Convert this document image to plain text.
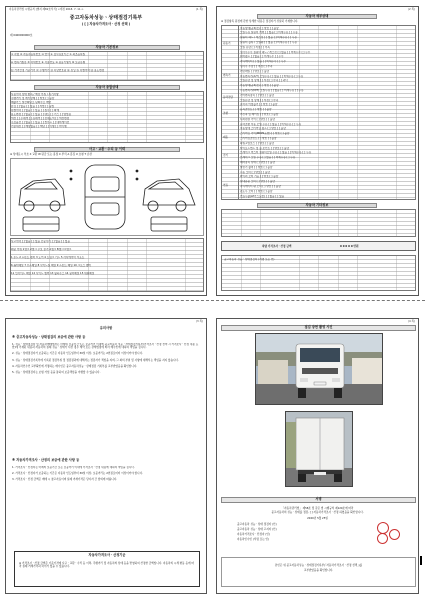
자동차관리법 시행규칙 [별지 제82호서식] <개정 2018. 7. 11.>	(1 쪽)
중고자동차성능ㆍ상태점검기록부
( [ ] 자동차가격조사ㆍ산정 선택 )
제 0400000000호
자동차 기본정보
① 차명 ② 자동차등록번호 ③ 연식 ④ 검사유효기간 ⑤ 최초등록일
⑥ 변속기종류 ⑦ 차대번호 ⑧ 사용연료 ⑨ 원동기형식 ⑩ 보증유형
⑪ 가격산정 기준가격 ⑫ 주행거리 ⑬ 차량번호판 ⑭ 튜닝 ⑮ 특별이력 ⑯ 용도변경
자동차 종합상태
사용이력 상태 항목 / 해당 부위 / 특기사항
주행거리 및 계기상태 [ ] 양호 [ ] 불량
배출가스 일산화탄소 탄화수소 매연
튜닝 [ ] 없음 [ ] 있음 [ ] 적법 [ ] 불법
특별이력 [ ] 없음 [ ] 있음 [ ] 침수 [ ] 화재
용도변경 [ ] 없음 [ ] 있음 [ ] 렌트 [ ] 리스 [ ] 영업용
색상 [ ] 무채색 [ ] 유채색 [ ] 전체도색 [ ] 색상변경
주요옵션 [ ] 없음 [ ] 있음 [ ] 썬루프 [ ] 네비게이션
리콜대상 [ ] 해당없음 [ ] 해당 [ ] 이행 [ ] 미이행
사고ㆍ교환ㆍ수리 등 이력
※ 상태표시 부호 X 교환 W 판금 또는 용접 C 부식 A 흠집 U 요철 T 손상
사고이력 [ ] 없음 [ ] 있음 단순수리 [ ] 없음 [ ] 있음
외판 부위 1랭크 2랭크 주요 골격 A랭크 B랭크 C랭크
1 후드 2 프론트 펜더 3 도어 4 트렁크 리드 5 라디에이터 서포트
6 쿼터패널 7 루프패널 8 사이드실 패널 9 프론트 패널 10 크로스 멤버
11 인사이드 패널 12 사이드 멤버 13 휠하우스 14 필러패널 15 대쉬패널
(2 쪽)
자동차 세부상태
※ 점검항목 판정에 관한 상세한 내용은 점검자가 성실히 기재합니다.
원동기
변속기
동력전달
조향
제동
전기
연료
작동상태(공회전) [ ] 양호 [ ] 불량
오일누유 실린더 커버 [ ] 없음 [ ] 미세누유 [ ] 누유
실린더 헤드 / 개스킷 [ ] 없음 [ ] 미세누유 [ ] 누유
실린더 블록 / 오일팬 [ ] 없음 [ ] 미세누유 [ ] 누유
오일 유량 [ ] 적정 [ ] 부족
냉각수누수 실린더 헤드 / 개스킷 [ ] 없음 [ ] 미세누수 [ ] 누수
워터펌프 [ ] 없음 [ ] 미세누수 [ ] 누수
라디에이터 [ ] 없음 [ ] 미세누수 [ ] 누수
냉각수 수량 [ ] 적정 [ ] 부족
커먼레일 [ ] 양호 [ ] 불량
자동변속기(A/T) 오일누유 [ ] 없음 [ ] 미세누유 [ ] 누유
오일유량 및 상태 [ ] 적정 [ ] 부족 [ ] 과다
작동상태(공회전) [ ] 양호 [ ] 불량
수동변속기(M/T) 오일누유 [ ] 없음 [ ] 미세누유 [ ] 누유
기어변속장치 [ ] 양호 [ ] 불량
오일유량 및 상태 [ ] 적정 [ ] 부족
클러치 어셈블리 [ ] 양호 [ ] 불량
등속조인트 [ ] 양호 [ ] 불량
추진축 및 베어링 [ ] 양호 [ ] 불량
디퍼렌셜 기어 [ ] 양호 [ ] 불량
동력조향 작동 오일 누유 [ ] 없음 [ ] 미세누유 [ ] 누유
작동상태 스티어링 펌프 [ ] 양호 [ ] 불량
스티어링 기어(MDPS포함) [ ] 양호 [ ] 불량
스티어링조인트 [ ] 양호 [ ] 불량
파워고압호스 [ ] 양호 [ ] 불량
타이로드엔드 및 볼 조인트 [ ] 양호 [ ] 불량
브레이크 마스터 실린더오일 누유 [ ] 없음 [ ] 미세누유 [ ] 누유
브레이크 오일 누유 [ ] 없음 [ ] 미세누유 [ ] 누유
배력장치 상태 [ ] 양호 [ ] 불량
발전기 출력 [ ] 양호 [ ] 불량
시동 모터 [ ] 양호 [ ] 불량
와이퍼 모터 기능 [ ] 양호 [ ] 불량
실내송풍 모터 [ ] 양호 [ ] 불량
라디에이터 팬 모터 [ ] 양호 [ ] 불량
윈도우 모터 [ ] 양호 [ ] 불량
연료누출(LP가스포함) [ ] 없음 [ ] 있음
자동차 기타정보
차량 가격조사ㆍ산정 금액	0 0 0 0 0 만원
중고자동차 성능ㆍ상태점검자 (서명 또는 인)
(3 쪽)
유의사항
※ 중고자동차성능ㆍ상태점검의 보증에 관한 사항 등
1. 성능ㆍ상태점검자 및 자동차매매업자는 아래의 보증기간 또는 보증거리 이내에 중고자동차 성능ㆍ상태점검기록부(가격조사ㆍ산정 선택 시 가격조사ㆍ산정 내용 포함)에 기재된 내용과 자동차의 실제 성능ㆍ상태가 다른 경우 계약 또는 관계법령에 따라 매수인에 대하여 책임을 집니다.
2. 성능ㆍ상태점검자가 보증하는 기간은 자동차 인도일부터 30일 이상, 보증거리는 2천킬로미터 이상이어야 합니다.
3. 성능ㆍ상태점검기록부에 기록된 점검부위 및 점검결과에 대해서는 점검자가 책임을 지며, 그 외의 부위 및 사항에 대해서는 책임을 지지 않습니다.
4. 자동차인수인 교부확인에 서명하는 매수인은 중고자동차성능ㆍ상태점검 기록부를 교부받았음을 확인합니다.
5. 성능ㆍ상태점검자는 보험 가입 등을 통하여 보증책임을 이행할 수 있습니다.
※ 자동차가격조사ㆍ산정의 보증에 관한 사항 등
1. 가격조사ㆍ산정자는 아래의 보증기간 또는 보증거리 이내에 가격조사ㆍ산정 내용에 대하여 책임을 집니다.
2. 가격조사ㆍ산정자가 보증하는 기간은 자동차 인도일부터 30일 이상, 보증거리는 2천킬로미터 이상이어야 합니다.
3. 가격조사ㆍ산정 금액은 매매 시 참고자료이며 실제 거래가격은 당사자 간 합의에 따릅니다.
자동차가격조사ㆍ산정기준
※ 가격조사ㆍ산정 금액은 기준가격에 사고ㆍ교환ㆍ수리 등 이력, 주행거리 및 자동차의 상태 등을 반영하여 산정한 금액입니다. 자동차의 시세 변동 등에 따라 실제 거래가격과 차이가 있을 수 있습니다.
(4 쪽)
점검 장면 촬영 사진
서명
「자동차관리법」 제58조 및 같은 법 시행규칙 제120조에 따라
중고자동차의 성능ㆍ상태를 점검, [ ] 자동차가격조사ㆍ산정 하였음을 확인합니다.
2020년 5월 25일
중고자동차 성능ㆍ상태 점검자 (인)
중고자동차 성능ㆍ상태 고지자 (인)
자동차가격조사ㆍ산정자 (인)
자동차인수인 (서명 또는 인)
본인은 위 중고자동차성능ㆍ상태점검기록부(「자동차가격조사ㆍ산정 선택」)를
교부받았음을 확인합니다.
